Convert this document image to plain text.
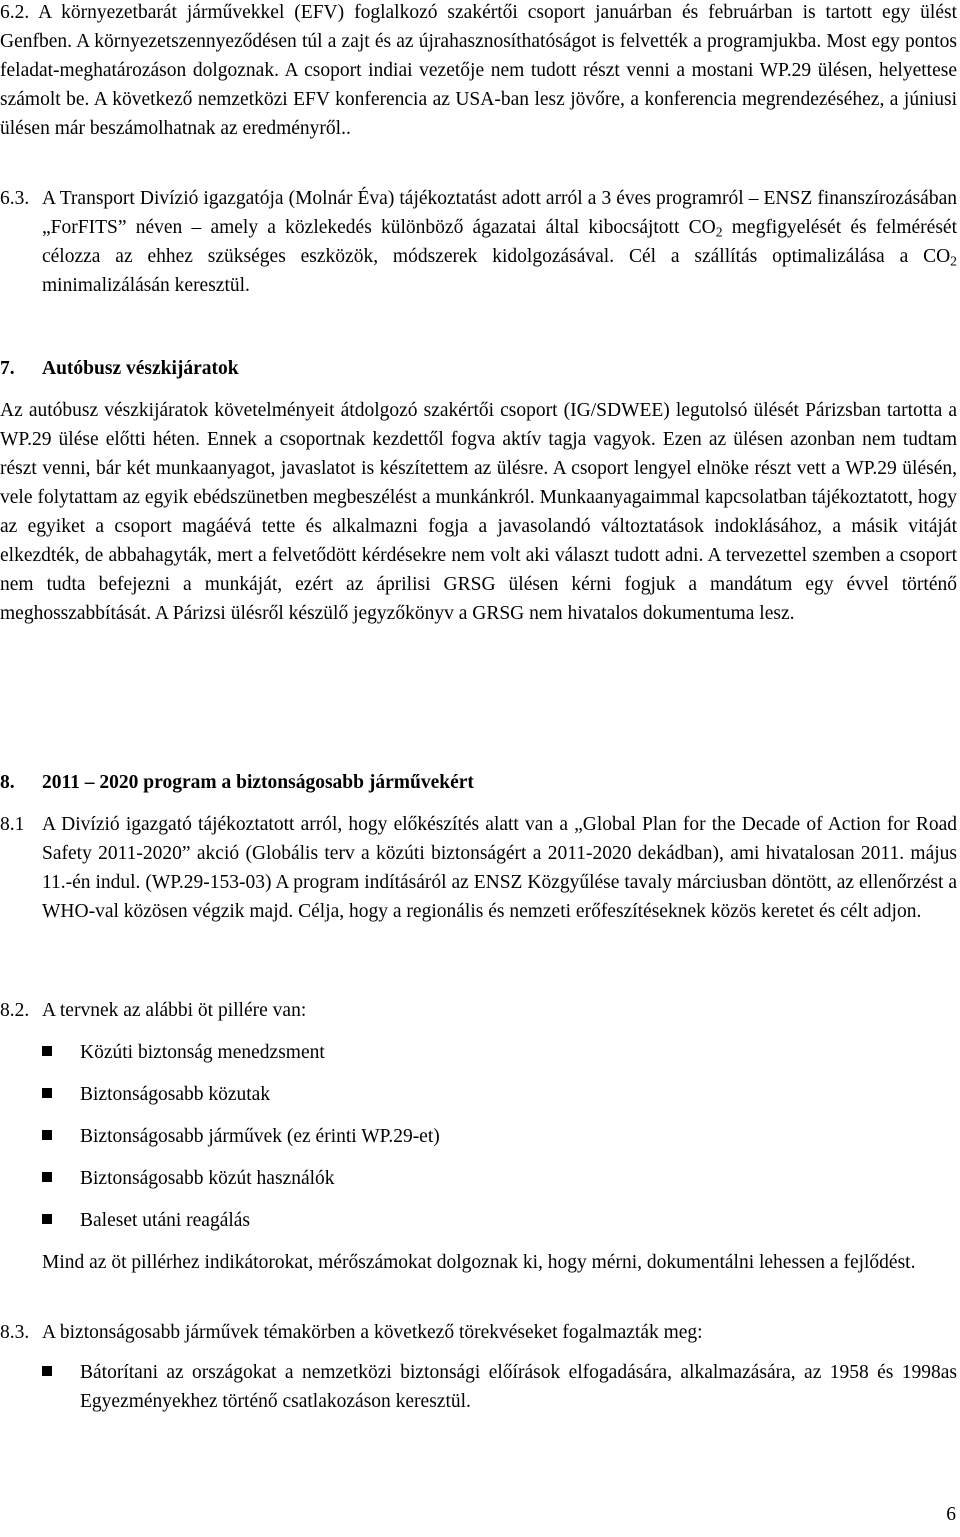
6.2. A környezetbarát járművekkel (EFV) foglalkozó szakértői csoport januárban és februárban is tartott egy ülést Genfben. A környezetszennyeződésen túl a zajt és az újrahasznosíthatóságot is felvették a programjukba. Most egy pontos feladat-meghatározáson dolgoznak. A csoport indiai vezetője nem tudott részt venni a mostani WP.29 ülésen, helyettese számolt be. A következő nemzetközi EFV konferencia az USA-ban lesz jövőre, a konferencia megrendezéséhez, a júniusi ülésen már beszámolhatnak az eredményről..

6.3. A Transport Divízió igazgatója (Molnár Éva) tájékoztatást adott arról a 3 éves programról – ENSZ finanszírozásában „ForFITS” néven – amely a közlekedés különböző ágazatai által kibocsájtott $CO_2$ megfigyelését és felmérését célozza az ehhez szükséges eszközök, módszerek kidolgozásával. Cél a szállítás optimalizálása a $CO_2$ minimalizálásán keresztül.

7. Autóbusz vészkijáratok

Az autóbusz vészkijáratok követelményeit átdolgozó szakértői csoport (IG/SDWEE) legutolsó ülését Párizsban tartotta a WP.29 ülése előtti héten. Ennek a csoportnak kezdettől fogva aktív tagja vagyok. Ezen az ülésen azonban nem tudtam részt venni, bár két munkaanyagot, javaslatot is készítettem az ülésre. A csoport lengyel elnöke részt vett a WP.29 ülésén, vele folytattam az egyik ebédszünetben megbeszélést a munkánkról. Munkaanyagaimmal kapcsolatban tájékoztatott, hogy az egyiket a csoport magáévá tette és alkalmazni fogja a javasolandó változtatások indoklásához, a másik vitáját elkezdték, de abbahagyták, mert a felvetődött kérdésekre nem volt aki választ tudott adni. A tervezettel szemben a csoport nem tudta befejezni a munkáját, ezért az áprilisi GRSG ülésen kérni fogjuk a mandátum egy évvel történő meghosszabbítását. A Párizsi ülésről készülő jegyzőkönyv a GRSG nem hivatalos dokumentuma lesz.

8. 2011 – 2020 program a biztonságosabb járművekért
8.1 A Divízió igazgató tájékoztatott arról, hogy előkészítés alatt van a „Global Plan for the Decade of Action for Road Safety 2011-2020” akció (Globális terv a közúti biztonságért a 2011-2020 dekádban), ami hivatalosan 2011. május 11.-én indul. (WP.29-153-03) A program indításáról az ENSZ Közgyűlése tavaly márciusban döntött, az ellenőrzést a WHO-val közösen végzik majd. Célja, hogy a regionális és nemzeti erőfeszítéseknek közös keretet és célt adjon.

8.2. A tervnek az alábbi öt pillére van:

Közúti biztonság menedzsment
Biztonságosabb közutak
Biztonságosabb járművek (ez érinti WP.29-et)
Biztonságosabb közút használók
Baleset utáni reagálás

Mind az öt pillérhez indikátorokat, mérőszámokat dolgoznak ki, hogy mérni, dokumentálni lehessen a fejlődést.

8.3. A biztonságosabb járművek témakörben a következő törekvéseket fogalmazták meg:

Bátorítani az országokat a nemzetközi biztonsági előírások elfogadására, alkalmazására, az 1958 és 1998as Egyezményekhez történő csatlakozáson keresztül.
6
